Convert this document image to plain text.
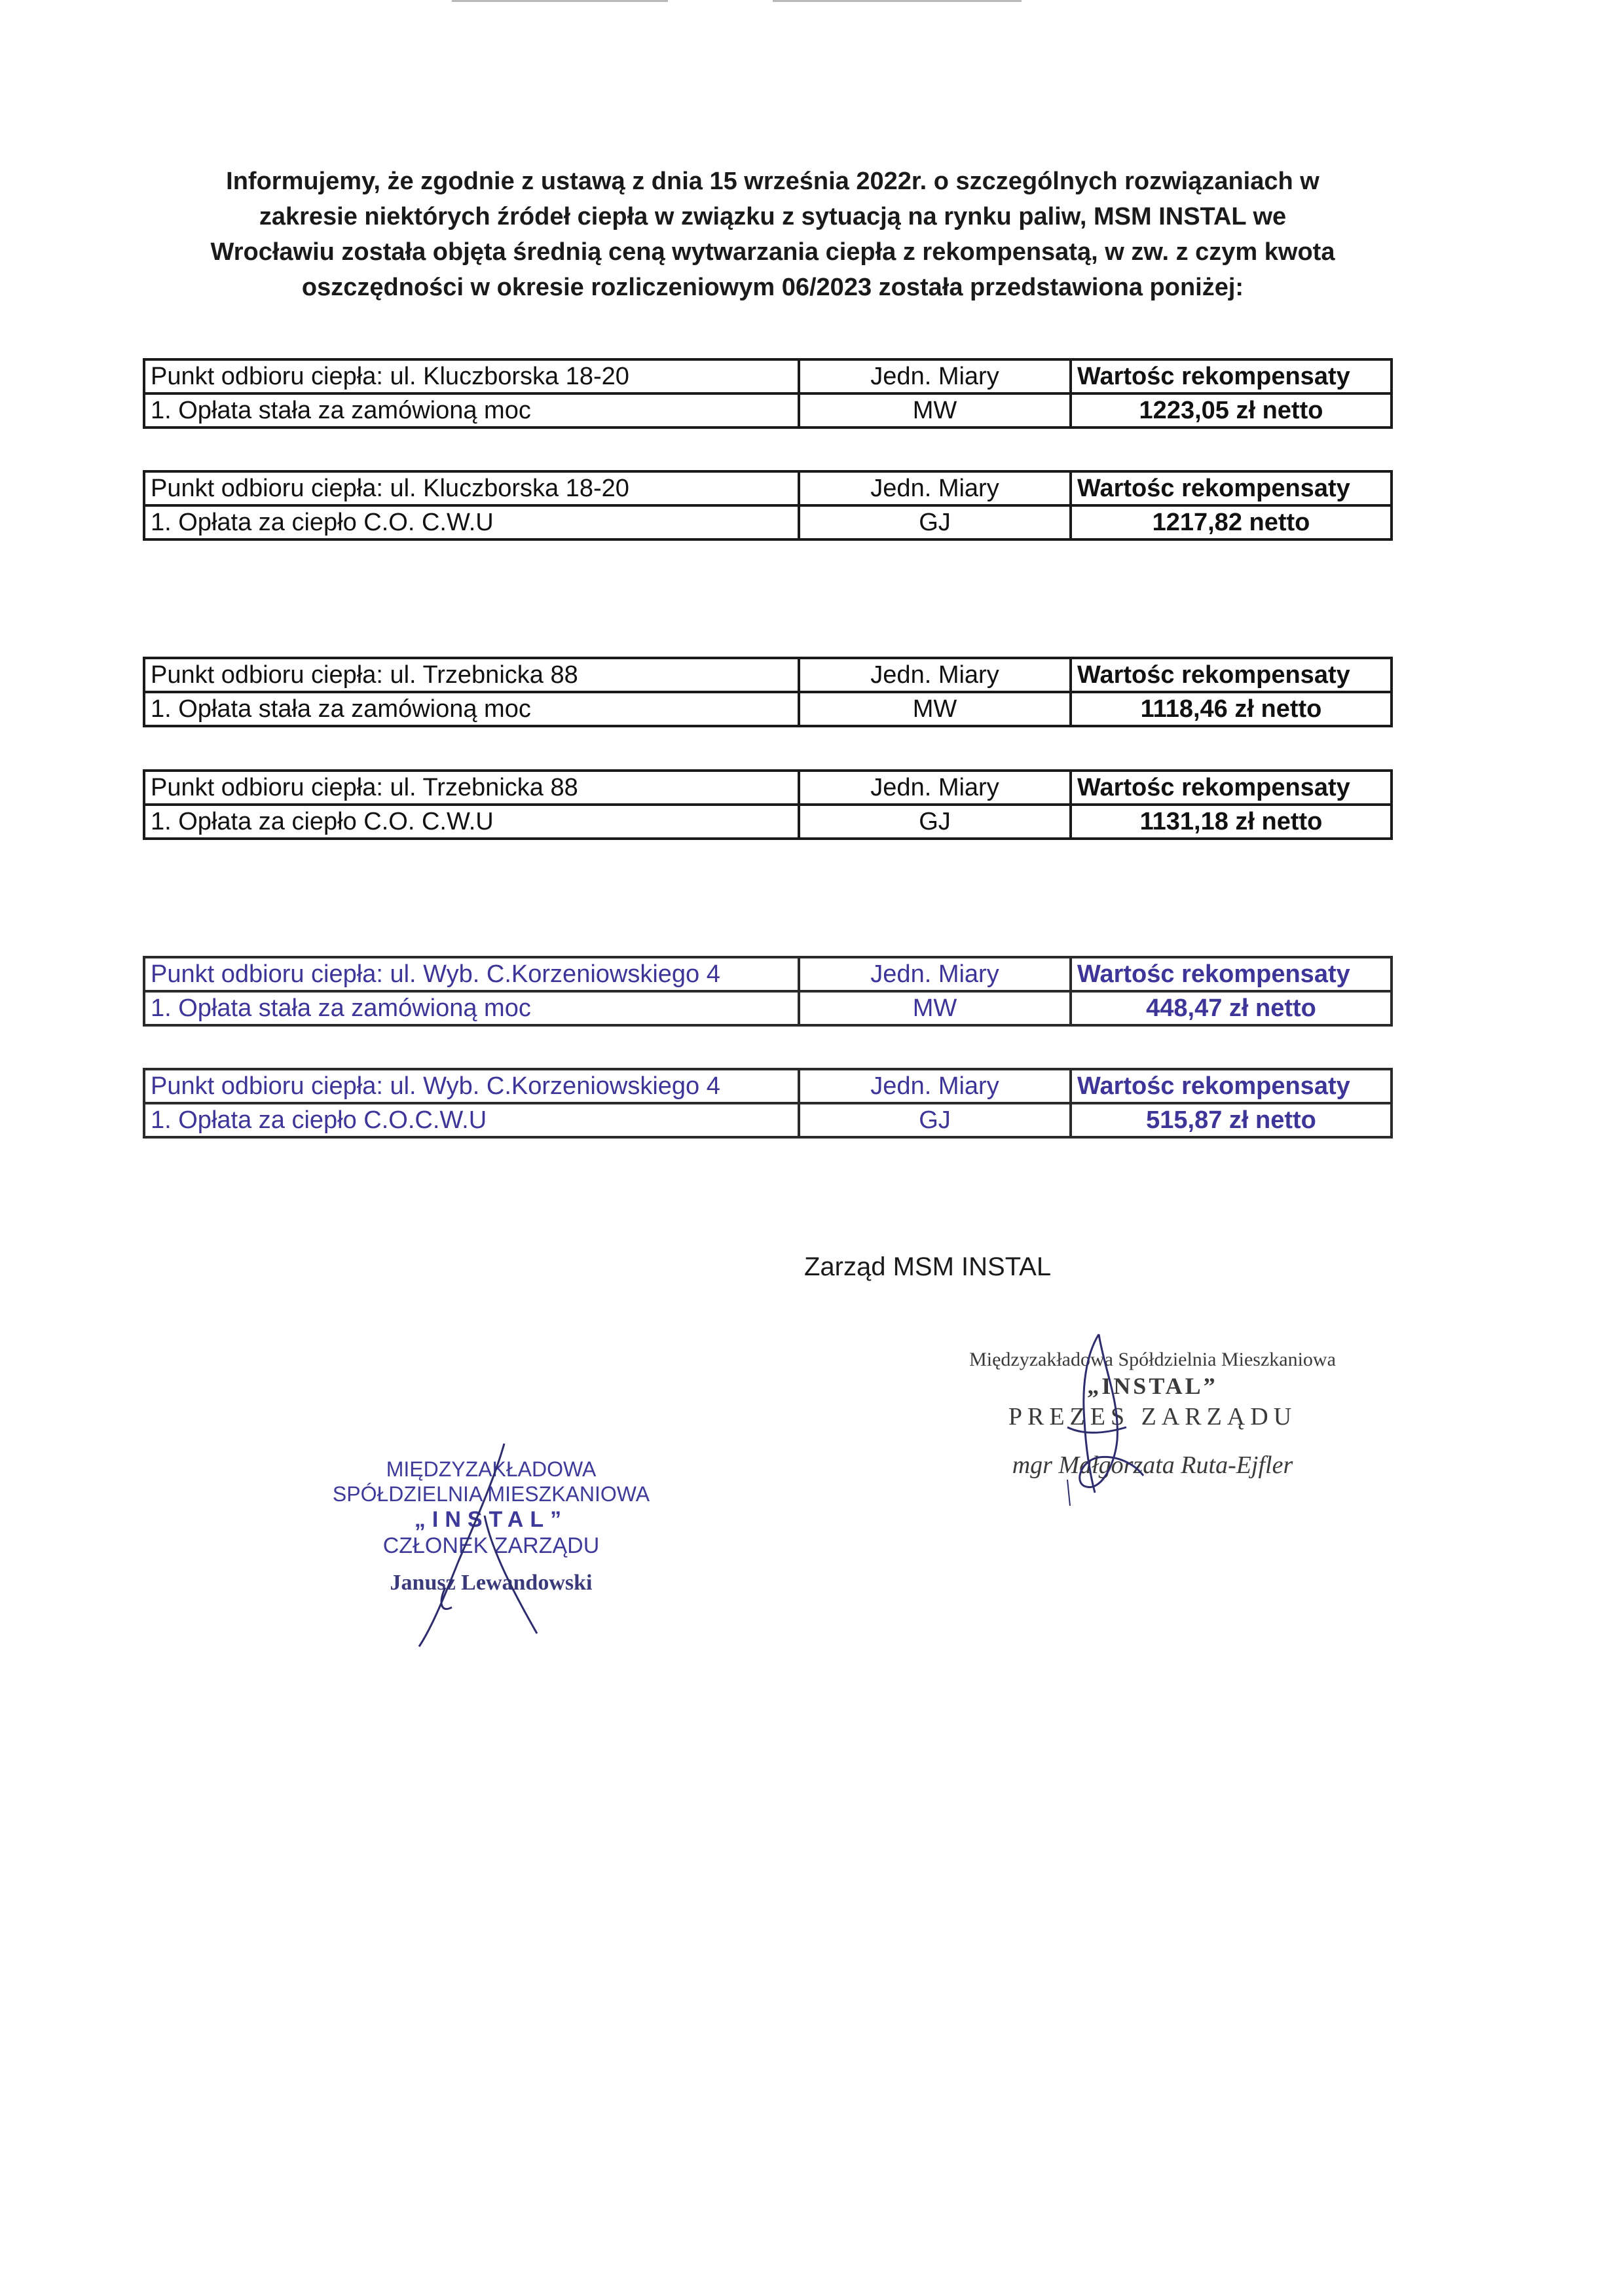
Informujemy, że zgodnie z ustawą z dnia 15 września 2022r. o szczególnych rozwiązaniach w
zakresie niektórych źródeł ciepła w związku z sytuacją na rynku paliw, MSM INSTAL we
Wrocławiu została objęta średnią ceną wytwarzania ciepła z rekompensatą, w zw. z czym kwota
oszczędności w okresie rozliczeniowym 06/2023 została przedstawiona poniżej:
Punkt odbioru ciepła: ul. Kluczborska 18-20	Jedn. Miary	Wartośc rekompensaty
1. Opłata stała za zamówioną moc	MW	1223,05 zł netto
Punkt odbioru ciepła: ul. Kluczborska 18-20	Jedn. Miary	Wartośc rekompensaty
1. Opłata za ciepło C.O. C.W.U	GJ	1217,82 netto
Punkt odbioru ciepła: ul. Trzebnicka 88	Jedn. Miary	Wartośc rekompensaty
1. Opłata stała za zamówioną moc	MW	1118,46 zł netto
Punkt odbioru ciepła: ul. Trzebnicka 88	Jedn. Miary	Wartośc rekompensaty
1. Opłata za ciepło C.O. C.W.U	GJ	1131,18 zł netto
Punkt odbioru ciepła: ul. Wyb. C.Korzeniowskiego 4	Jedn. Miary	Wartośc rekompensaty
1. Opłata stała za zamówioną moc	MW	448,47 zł netto
Punkt odbioru ciepła: ul. Wyb. C.Korzeniowskiego 4	Jedn. Miary	Wartośc rekompensaty
1. Opłata za ciepło C.O.C.W.U	GJ	515,87 zł netto
Zarząd MSM INSTAL
Międzyzakładowa Spółdzielnia Mieszkaniowa
„INSTAL”
PREZES ZARZĄDU
mgr Małgorzata Ruta-Ejfler
MIĘDZYZAKŁADOWA
SPÓŁDZIELNIA MIESZKANIOWA
„INSTAL”
CZŁONEK ZARZĄDU
Janusz Lewandowski
